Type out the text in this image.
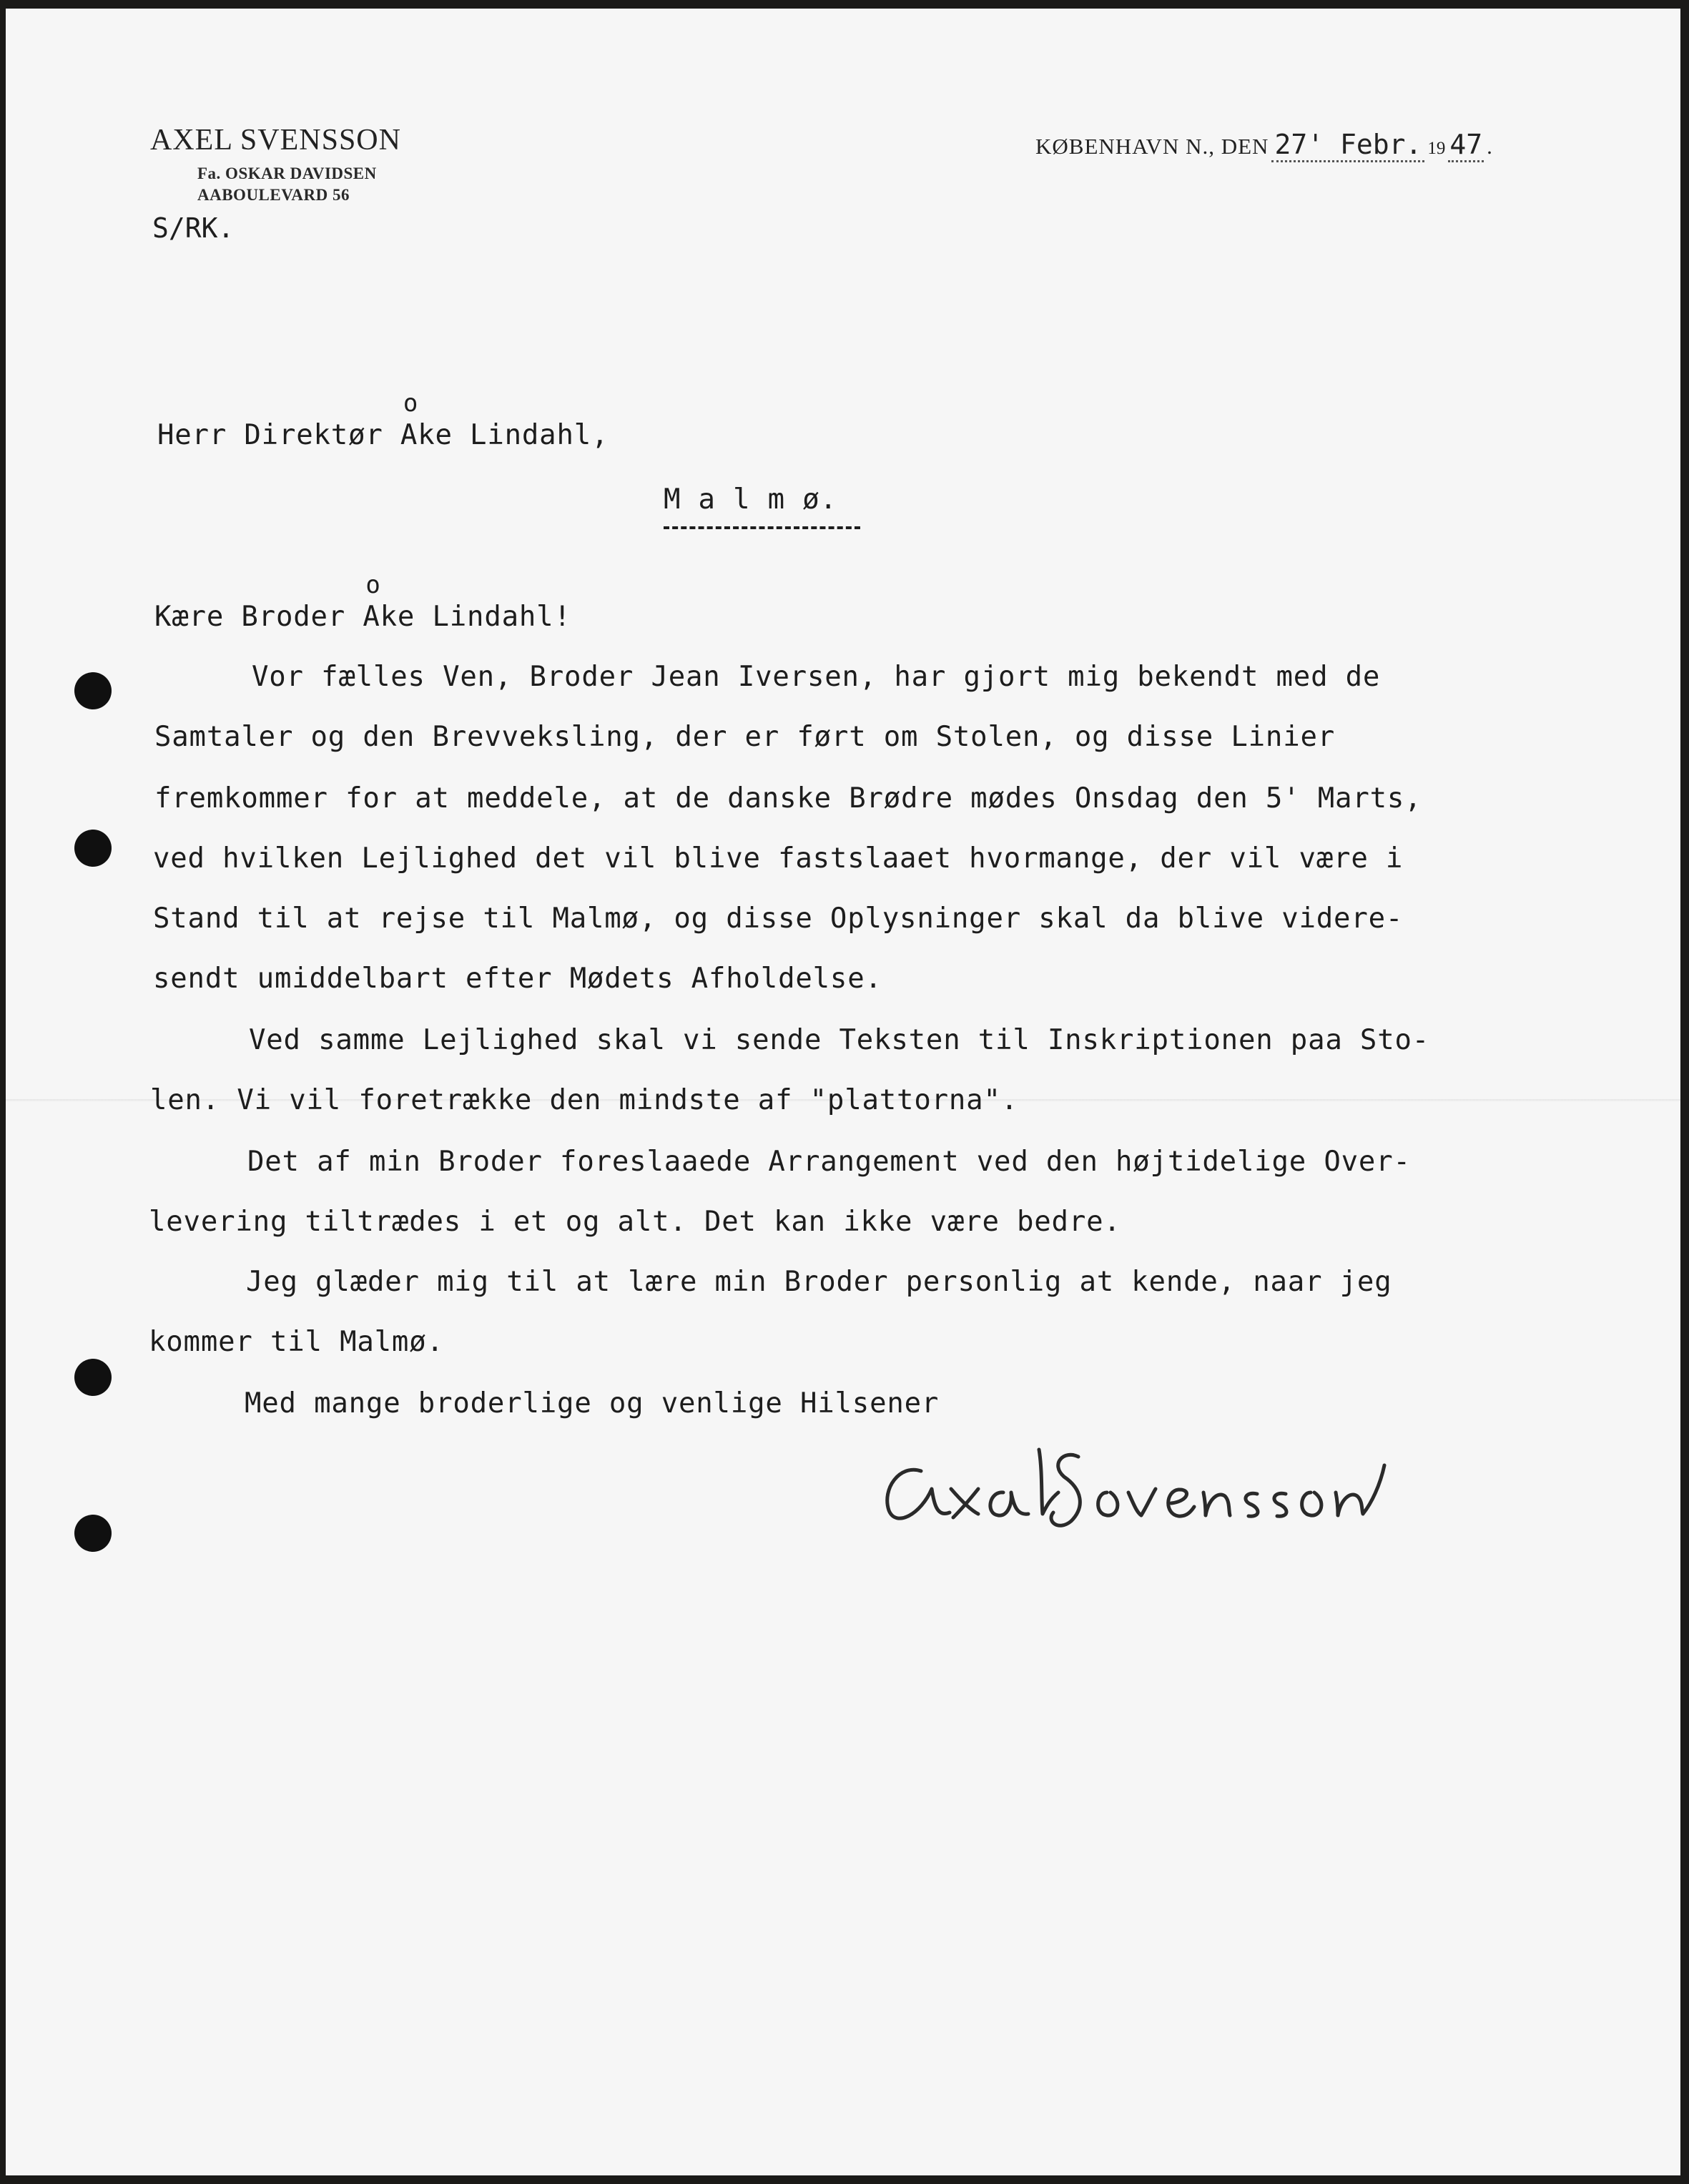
AXEL SVENSSON
Fa. OSKAR DAVIDSEN
AABOULEVARD 56
S/RK.
KØBENHAVN N., DEN 27' Febr. 19 47 .
Herr Direktør o Ake Lindahl,
M a l m ø.
Kære Broder o Ake Lindahl!
Vor fælles Ven, Broder Jean Iversen, har gjort mig bekendt med de
Samtaler og den Brevveksling, der er ført om Stolen, og disse Linier
fremkommer for at meddele, at de danske Brødre mødes Onsdag den 5' Marts,
ved hvilken Lejlighed det vil blive fastslaaet hvormange, der vil være i
Stand til at rejse til Malmø, og disse Oplysninger skal da blive videre-
sendt umiddelbart efter Mødets Afholdelse.
Ved samme Lejlighed skal vi sende Teksten til Inskriptionen paa Sto-
len. Vi vil foretrække den mindste af "plattorna".
Det af min Broder foreslaaede Arrangement ved den højtidelige Over-
levering tiltrædes i et og alt. Det kan ikke være bedre.
Jeg glæder mig til at lære min Broder personlig at kende, naar jeg
kommer til Malmø.
Med mange broderlige og venlige Hilsener
